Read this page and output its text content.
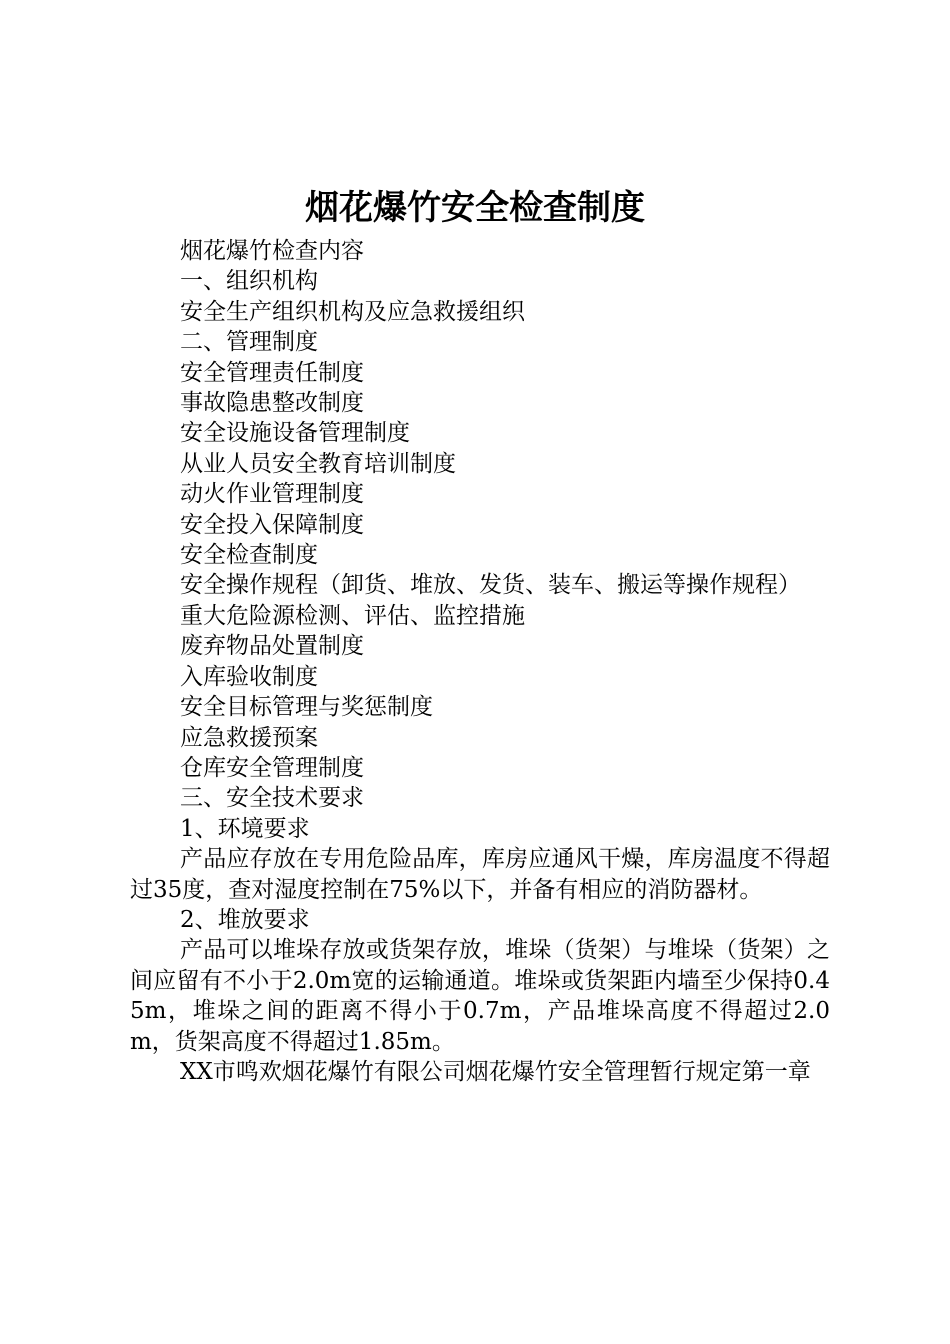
烟花爆竹安全检查制度

烟花爆竹检查内容

一、组织机构

安全生产组织机构及应急救援组织

二、管理制度

安全管理责任制度

事故隐患整改制度

安全设施设备管理制度

从业人员安全教育培训制度

动火作业管理制度

安全投入保障制度

安全检查制度

安全操作规程（卸货、堆放、发货、装车、搬运等操作规程）

重大危险源检测、评估、监控措施

废弃物品处置制度

入库验收制度

安全目标管理与奖惩制度

应急救援预案

仓库安全管理制度

三、安全技术要求

1、环境要求

产品应存放在专用危险品库，库房应通风干燥，库房温度不得超过35度，查对湿度控制在75%以下，并备有相应的消防器材。

2、堆放要求

产品可以堆垛存放或货架存放，堆垛（货架）与堆垛（货架）之间应留有不小于2.0m宽的运输通道。堆垛或货架距内墙至少保持0.45m，堆垛之间的距离不得小于0.7m，产品堆垛高度不得超过2.0m，货架高度不得超过1.85m。

XX市鸣欢烟花爆竹有限公司烟花爆竹安全管理暂行规定第一章
